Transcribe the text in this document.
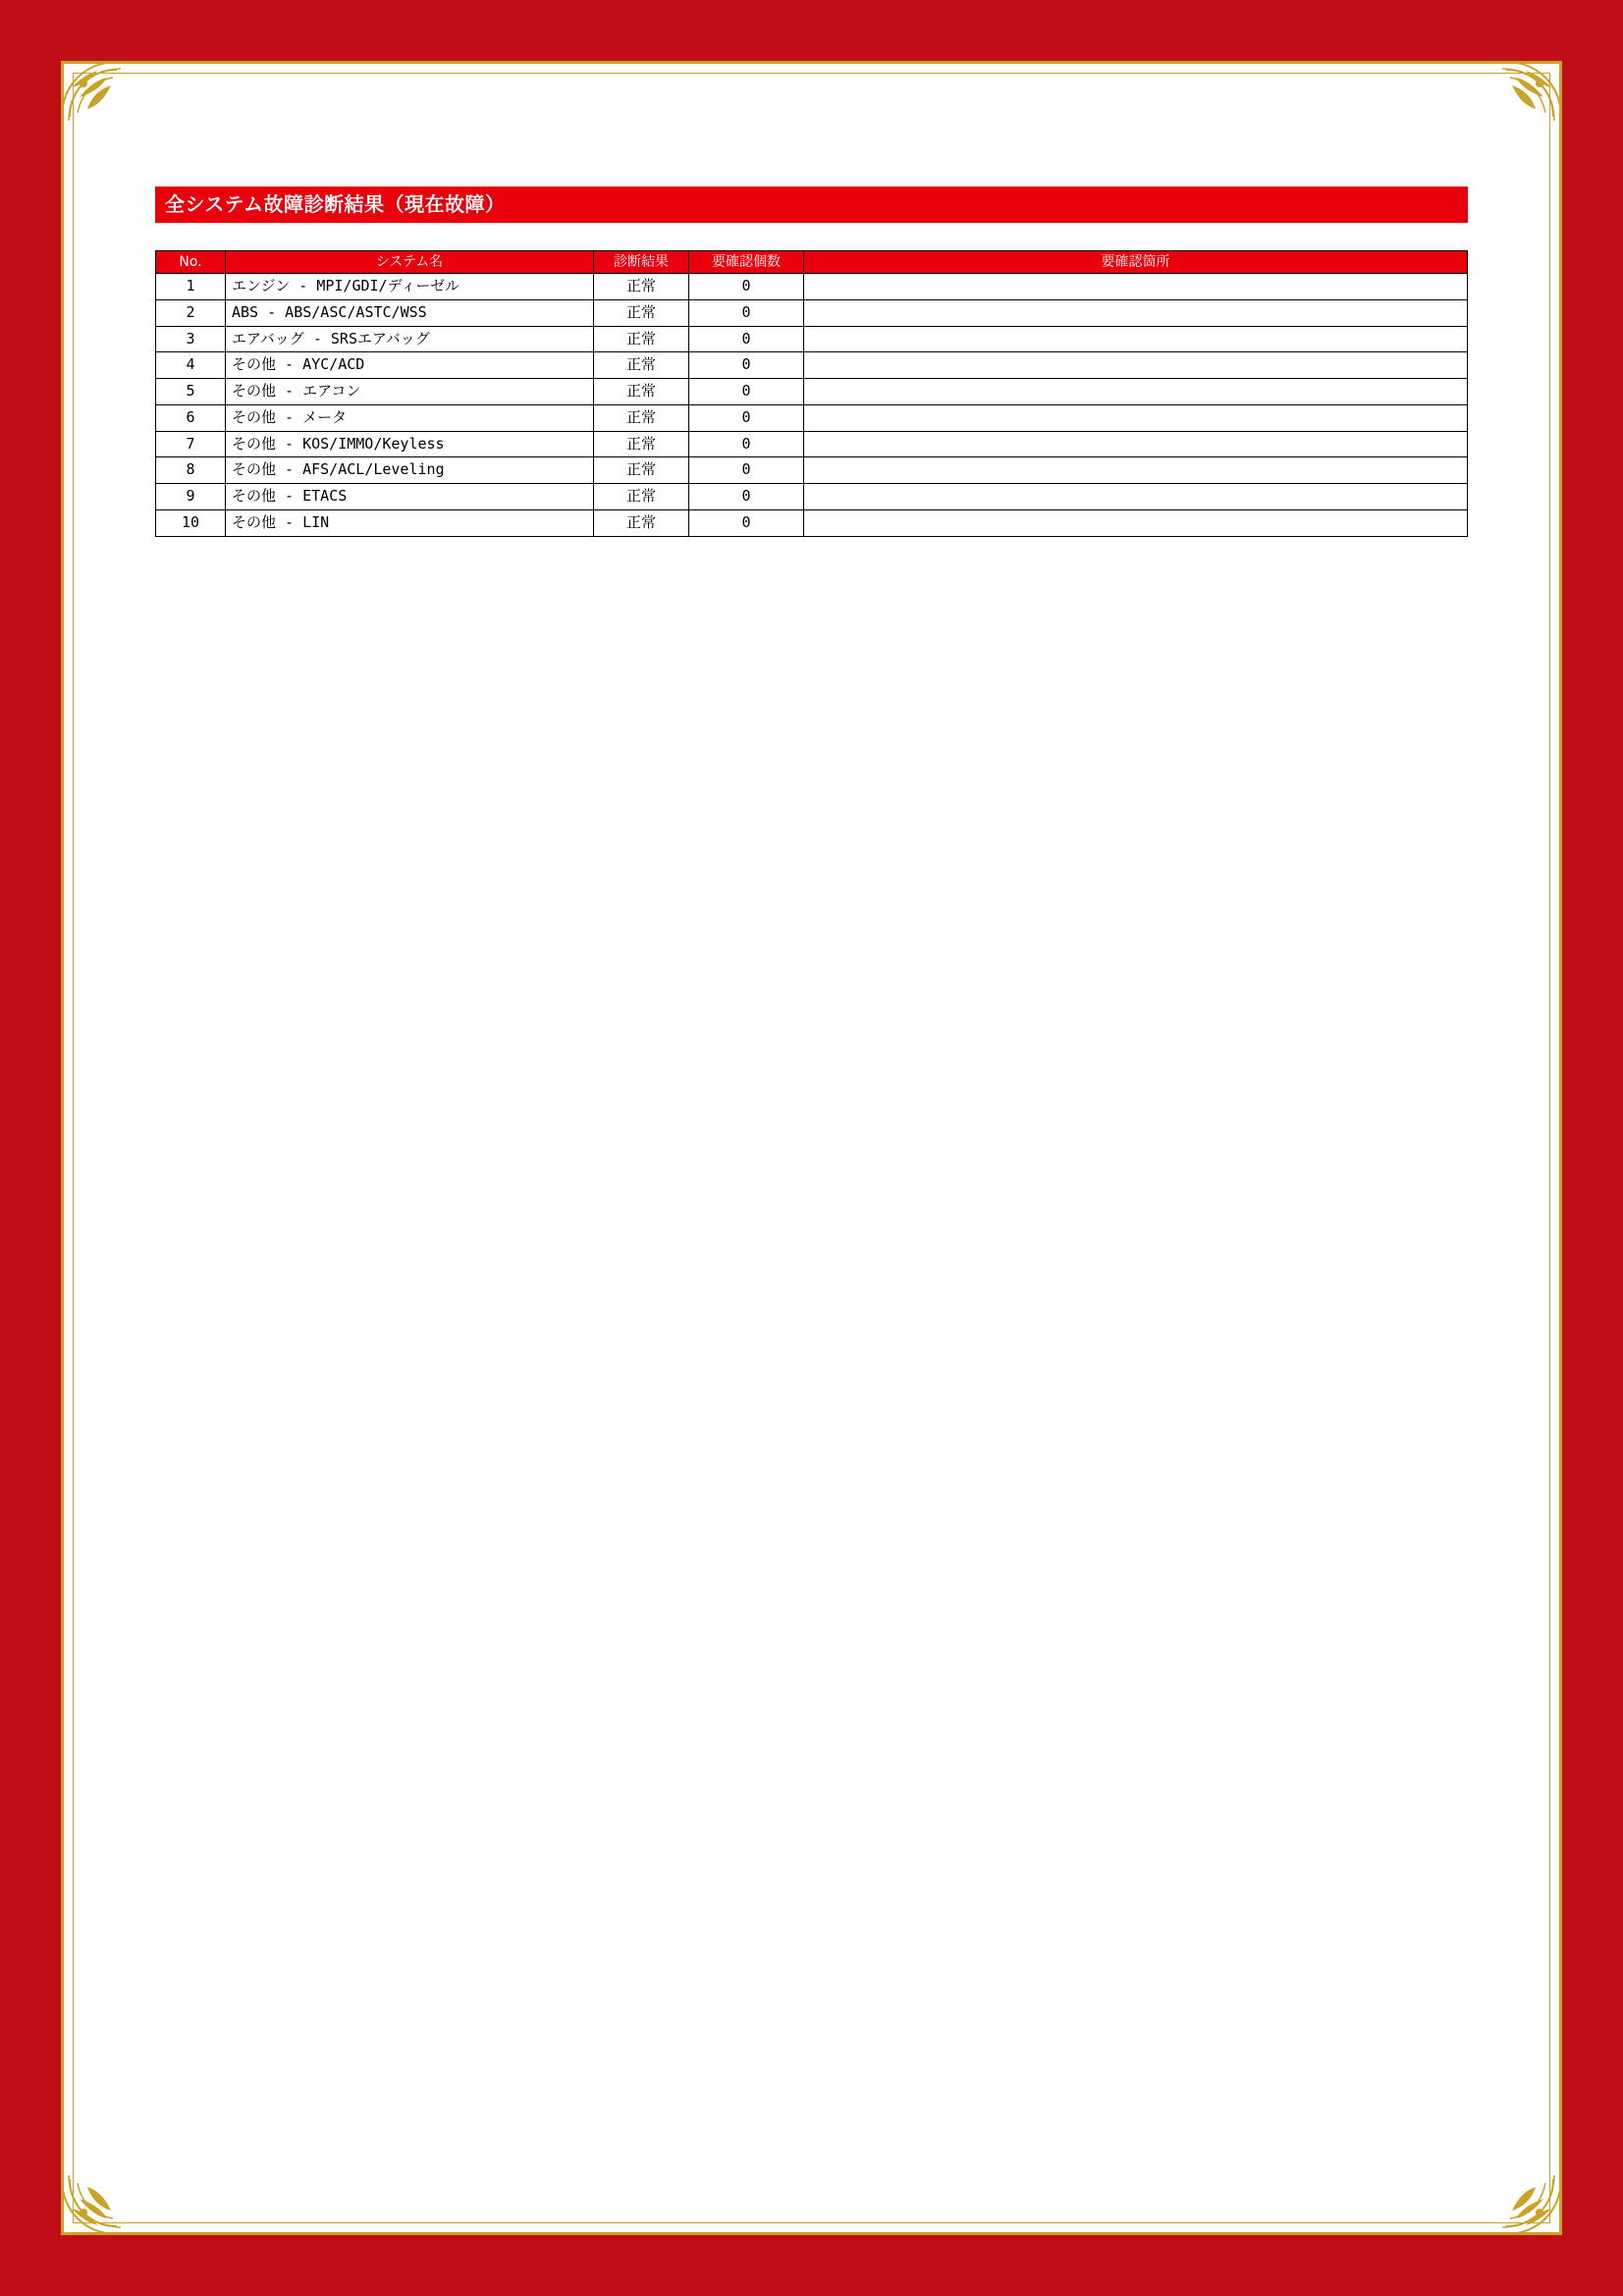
全システム故障診断結果（現在故障）
No.	システム名	診断結果	要確認個数	要確認箇所
1	エンジン - MPI/GDI/ディーゼル	正常	0	
2	ABS - ABS/ASC/ASTC/WSS	正常	0	
3	エアバッグ - SRSエアバッグ	正常	0	
4	その他 - AYC/ACD	正常	0	
5	その他 - エアコン	正常	0	
6	その他 - メータ	正常	0	
7	その他 - KOS/IMMO/Keyless	正常	0	
8	その他 - AFS/ACL/Leveling	正常	0	
9	その他 - ETACS	正常	0	
10	その他 - LIN	正常	0	
